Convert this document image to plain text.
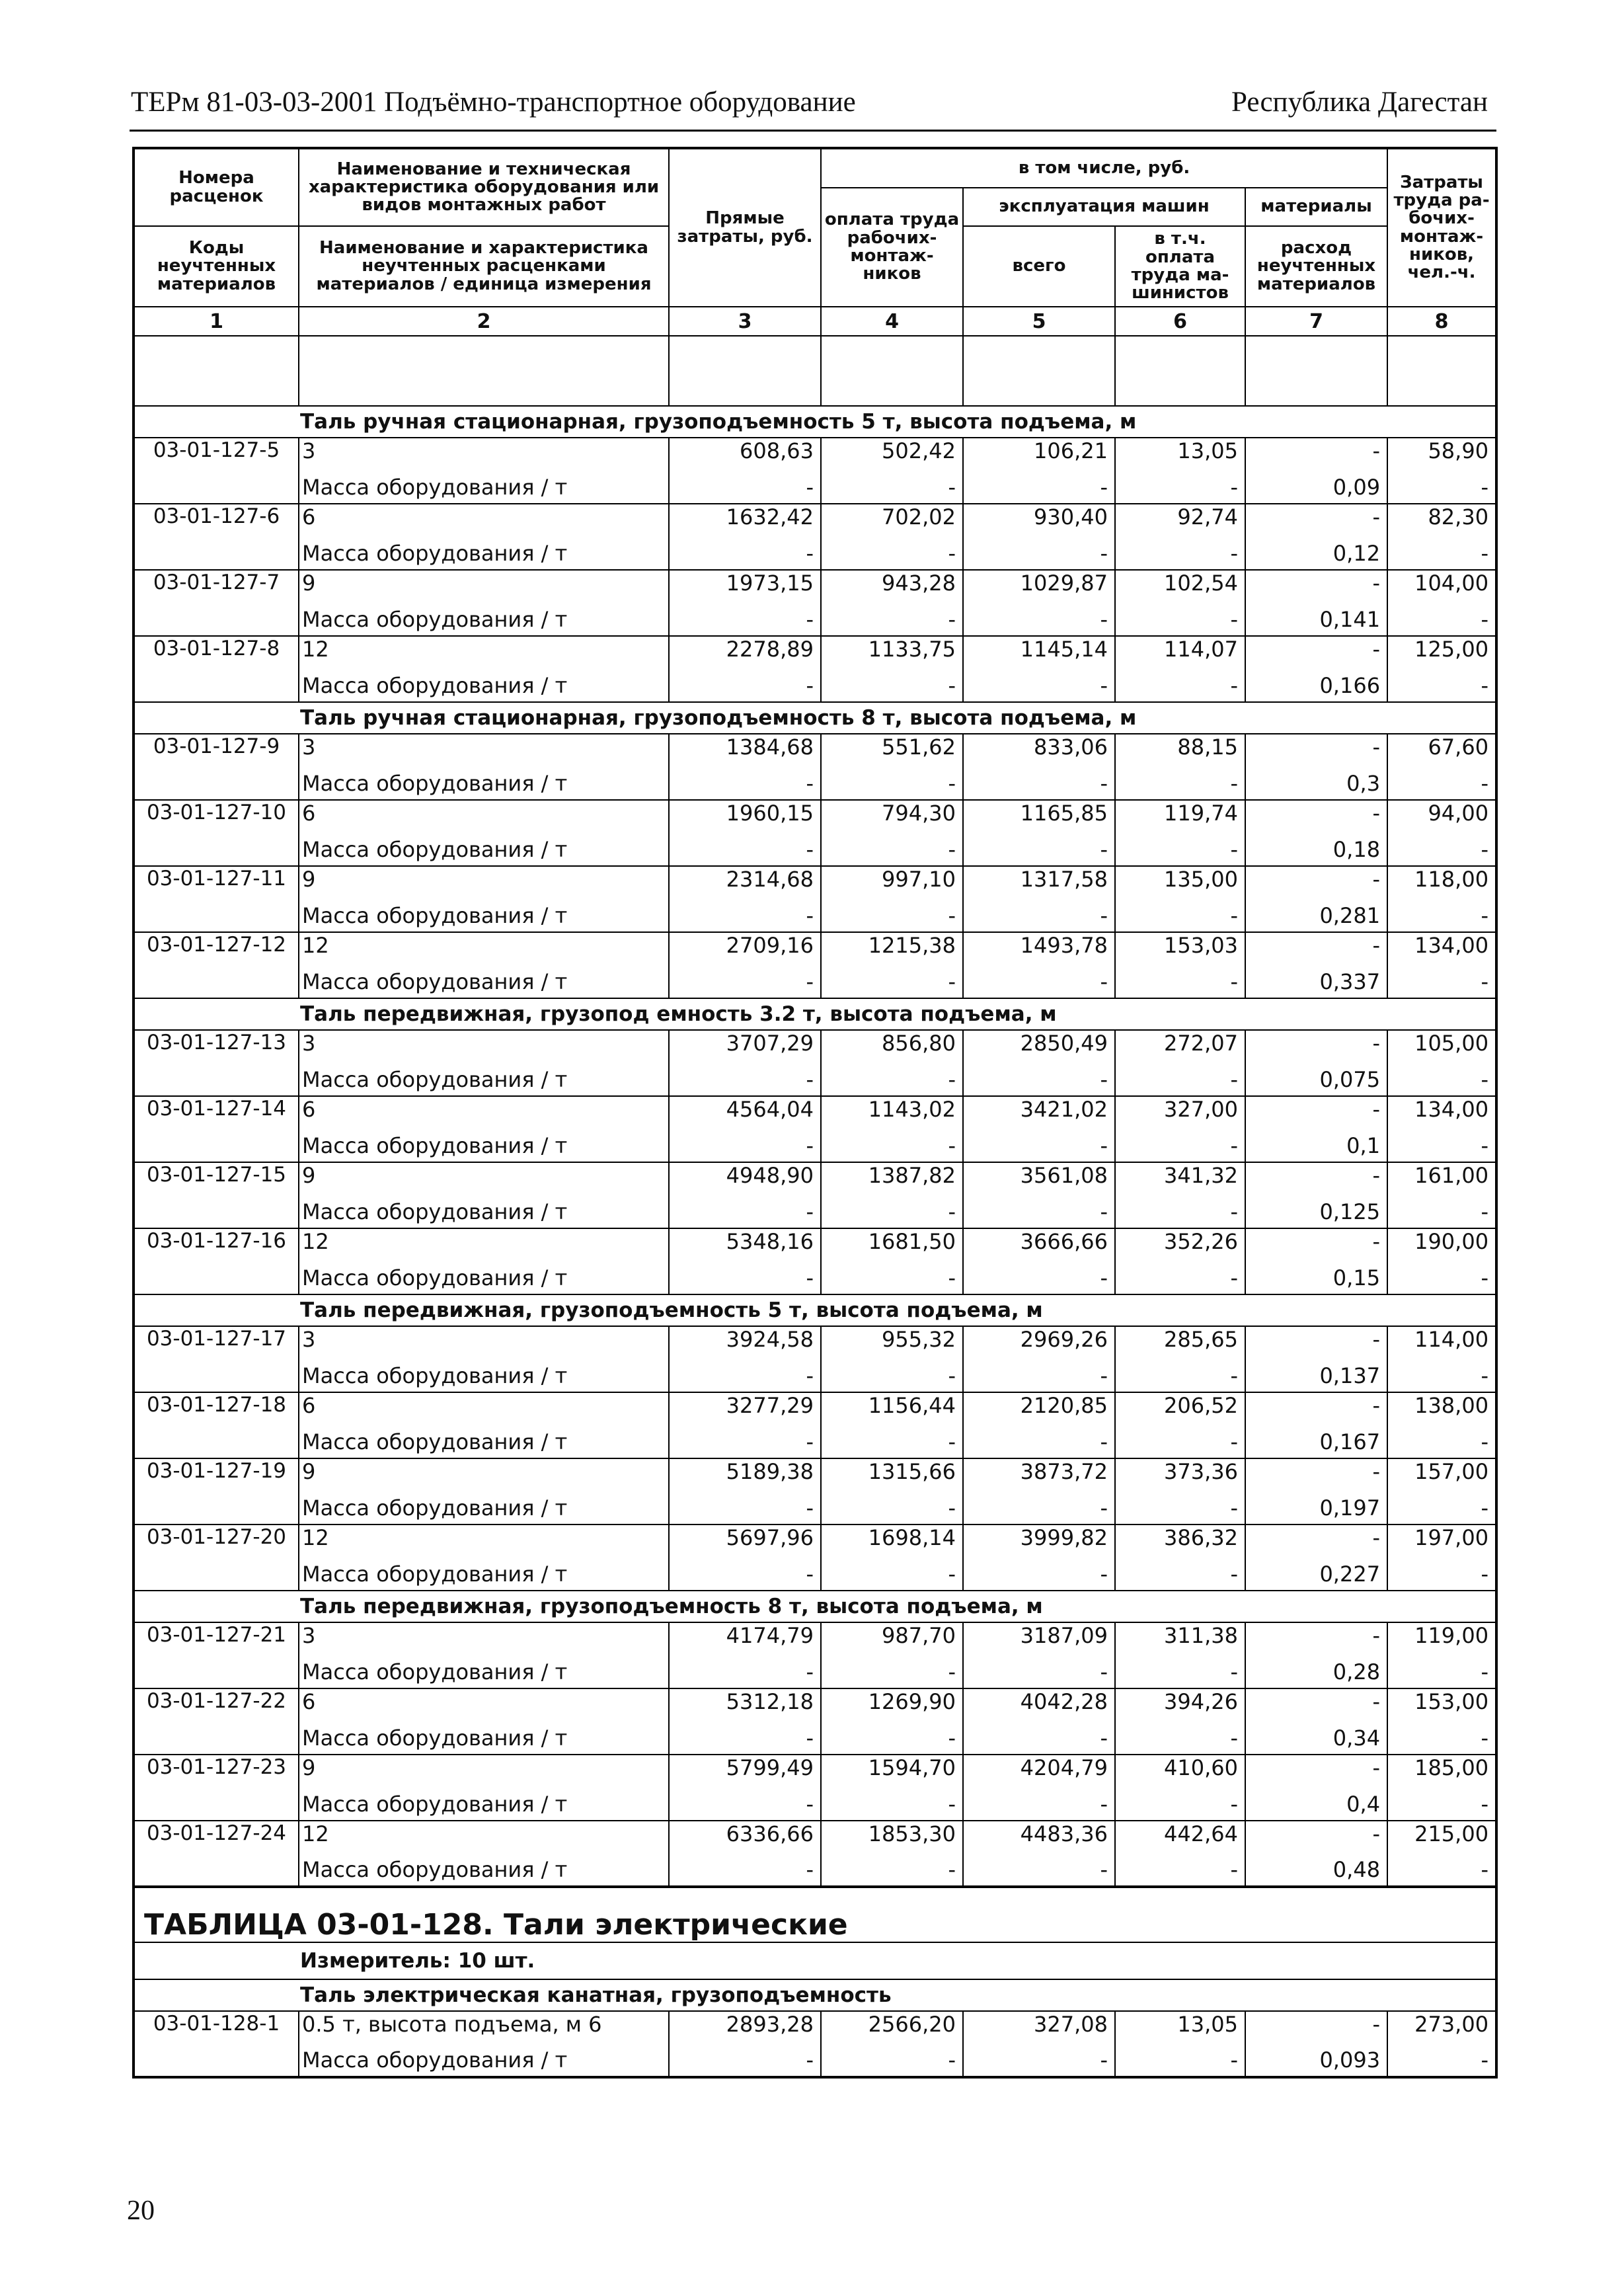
ТЕРм 81-03-03-2001 Подъёмно-транспортное оборудование	Республика Дагестан
Номера расценок	Наименование и техническая характеристика оборудования или видов монтажных работ	Прямые затраты, руб.	в том числе, руб.				Затраты труда ра-бочих-монтаж-ников, чел.-ч.
			оплата труда рабочих-монтаж-ников	эксплуатация машин		материалы	
Коды неучтенных материалов	Наименование и характеристика неучтенных расценками материалов / единица измерения			всего	в т.ч. оплата труда ма-шинистов	расход неучтенных материалов	

1	2	3	4	5	6	7	8

	Таль ручная стационарная, грузоподъемность 5 т, высота подъема, м						
03-01-127-5	3	608,63	502,42	106,21	13,05	-	58,90
	Масса оборудования / т	-	-	-	-	0,09	-
03-01-127-6	6	1632,42	702,02	930,40	92,74	-	82,30
	Масса оборудования / т	-	-	-	-	0,12	-
03-01-127-7	9	1973,15	943,28	1029,87	102,54	-	104,00
	Масса оборудования / т	-	-	-	-	0,141	-
03-01-127-8	12	2278,89	1133,75	1145,14	114,07	-	125,00
	Масса оборудования / т	-	-	-	-	0,166	-
	Таль ручная стационарная, грузоподъемность 8 т, высота подъема, м						
03-01-127-9	3	1384,68	551,62	833,06	88,15	-	67,60
	Масса оборудования / т	-	-	-	-	0,3	-
03-01-127-10	6	1960,15	794,30	1165,85	119,74	-	94,00
	Масса оборудования / т	-	-	-	-	0,18	-
03-01-127-11	9	2314,68	997,10	1317,58	135,00	-	118,00
	Масса оборудования / т	-	-	-	-	0,281	-
03-01-127-12	12	2709,16	1215,38	1493,78	153,03	-	134,00
	Масса оборудования / т	-	-	-	-	0,337	-
	Таль передвижная, грузопод емность 3.2 т, высота подъема, м						
03-01-127-13	3	3707,29	856,80	2850,49	272,07	-	105,00
	Масса оборудования / т	-	-	-	-	0,075	-
03-01-127-14	6	4564,04	1143,02	3421,02	327,00	-	134,00
	Масса оборудования / т	-	-	-	-	0,1	-
03-01-127-15	9	4948,90	1387,82	3561,08	341,32	-	161,00
	Масса оборудования / т	-	-	-	-	0,125	-
03-01-127-16	12	5348,16	1681,50	3666,66	352,26	-	190,00
	Масса оборудования / т	-	-	-	-	0,15	-
	Таль передвижная, грузоподъемность 5 т, высота подъема, м						
03-01-127-17	3	3924,58	955,32	2969,26	285,65	-	114,00
	Масса оборудования / т	-	-	-	-	0,137	-
03-01-127-18	6	3277,29	1156,44	2120,85	206,52	-	138,00
	Масса оборудования / т	-	-	-	-	0,167	-
03-01-127-19	9	5189,38	1315,66	3873,72	373,36	-	157,00
	Масса оборудования / т	-	-	-	-	0,197	-
03-01-127-20	12	5697,96	1698,14	3999,82	386,32	-	197,00
	Масса оборудования / т	-	-	-	-	0,227	-
	Таль передвижная, грузоподъемность 8 т, высота подъема, м						
03-01-127-21	3	4174,79	987,70	3187,09	311,38	-	119,00
	Масса оборудования / т	-	-	-	-	0,28	-
03-01-127-22	6	5312,18	1269,90	4042,28	394,26	-	153,00
	Масса оборудования / т	-	-	-	-	0,34	-
03-01-127-23	9	5799,49	1594,70	4204,79	410,60	-	185,00
	Масса оборудования / т	-	-	-	-	0,4	-
03-01-127-24	12	6336,66	1853,30	4483,36	442,64	-	215,00
	Масса оборудования / т	-	-	-	-	0,48	-
ТАБЛИЦА 03-01-128. Тали электрические							
	Измеритель: 10 шт.						
	Таль электрическая канатная, грузоподъемность						
03-01-128-1	0.5 т, высота подъема, м 6	2893,28	2566,20	327,08	13,05	-	273,00
	Масса оборудования / т	-	-	-	-	0,093	-
20
